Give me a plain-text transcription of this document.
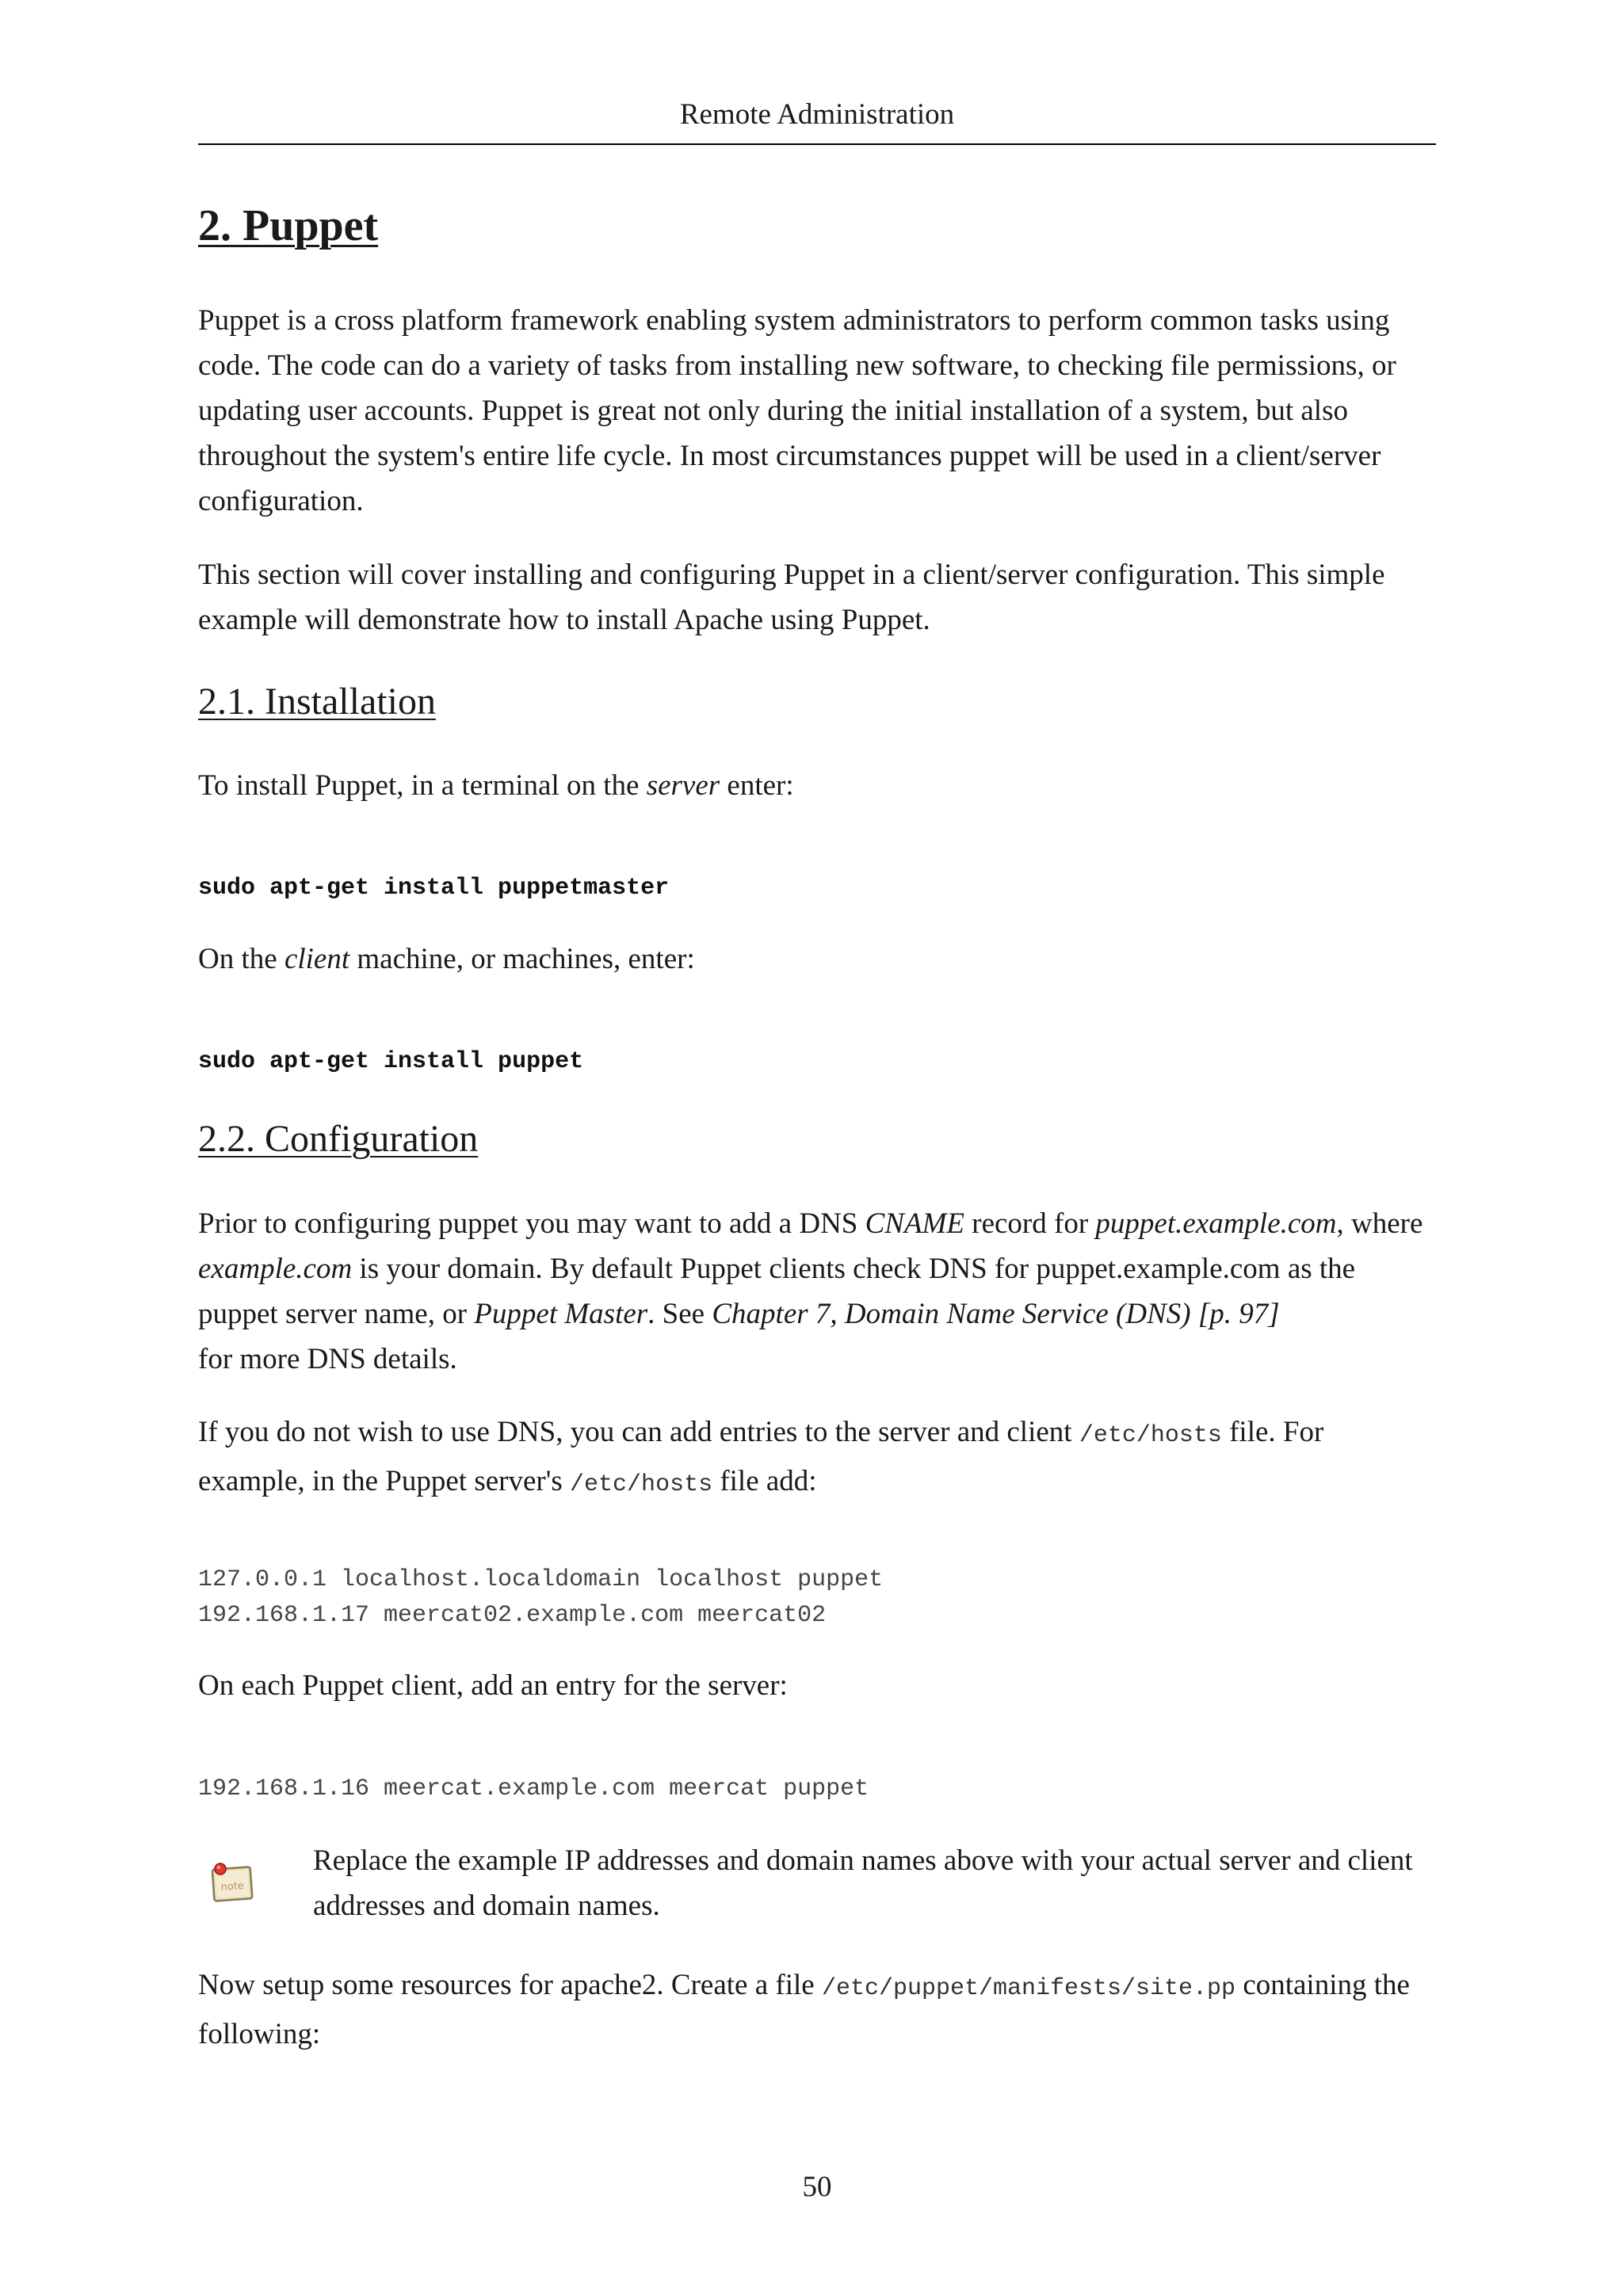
Remote Administration
2. Puppet

Puppet is a cross platform framework enabling system administrators to perform common tasks using code. The code can do a variety of tasks from installing new software, to checking file permissions, or updating user accounts. Puppet is great not only during the initial installation of a system, but also throughout the system's entire life cycle. In most circumstances puppet will be used in a client/server configuration.

This section will cover installing and configuring Puppet in a client/server configuration. This simple example will demonstrate how to install Apache using Puppet.

2.1. Installation

To install Puppet, in a terminal on the server enter:

sudo apt-get install puppetmaster

On the client machine, or machines, enter:

sudo apt-get install puppet
2.2. Configuration

Prior to configuring puppet you may want to add a DNS CNAME record for puppet.example.com, where example.com is your domain. By default Puppet clients check DNS for puppet.example.com as the puppet server name, or Puppet Master. See Chapter 7, Domain Name Service (DNS) [p. 97]
for more DNS details.

If you do not wish to use DNS, you can add entries to the server and client /etc/hosts file. For example, in the Puppet server's /etc/hosts file add:

127.0.0.1 localhost.localdomain localhost puppet
192.168.1.17 meercat02.example.com meercat02

On each Puppet client, add an entry for the server:

192.168.1.16 meercat.example.com meercat puppet
note

Replace the example IP addresses and domain names above with your actual server and client addresses and domain names.

Now setup some resources for apache2. Create a file /etc/puppet/manifests/site.pp containing the following:

50
